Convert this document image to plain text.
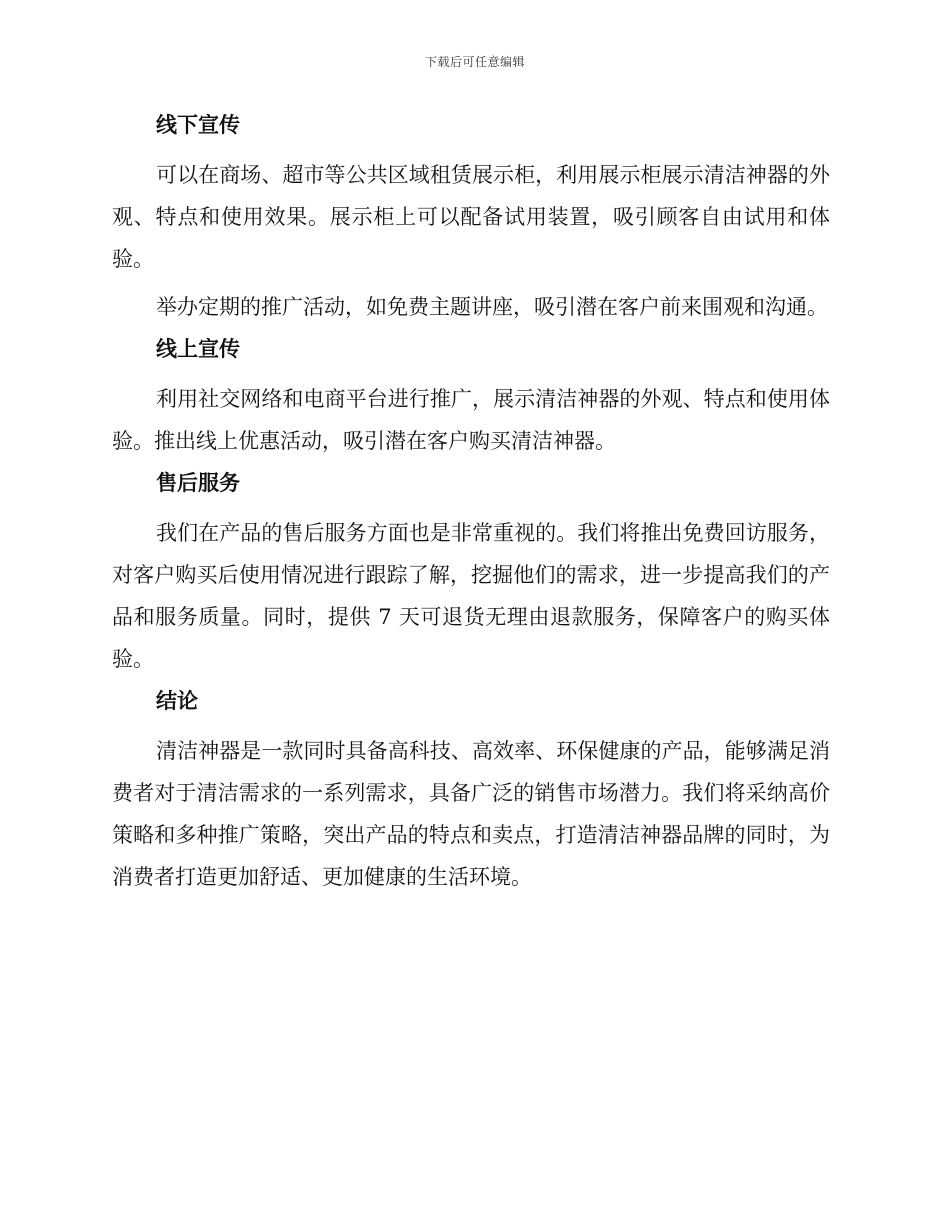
下载后可任意编辑
线下宣传

可以在商场、超市等公共区域租赁展示柜，利用展示柜展示清洁神器的外观、特点和使用效果。展示柜上可以配备试用装置，吸引顾客自由试用和体验。

举办定期的推广活动，如免费主题讲座，吸引潜在客户前来围观和沟通。

线上宣传

利用社交网络和电商平台进行推广，展示清洁神器的外观、特点和使用体验。推出线上优惠活动，吸引潜在客户购买清洁神器。

售后服务

我们在产品的售后服务方面也是非常重视的。我们将推出免费回访服务，对客户购买后使用情况进行跟踪了解，挖掘他们的需求，进一步提高我们的产品和服务质量。同时，提供 7 天可退货无理由退款服务，保障客户的购买体验。

结论

清洁神器是一款同时具备高科技、高效率、环保健康的产品，能够满足消费者对于清洁需求的一系列需求，具备广泛的销售市场潜力。我们将采纳高价策略和多种推广策略，突出产品的特点和卖点，打造清洁神器品牌的同时，为消费者打造更加舒适、更加健康的生活环境。
